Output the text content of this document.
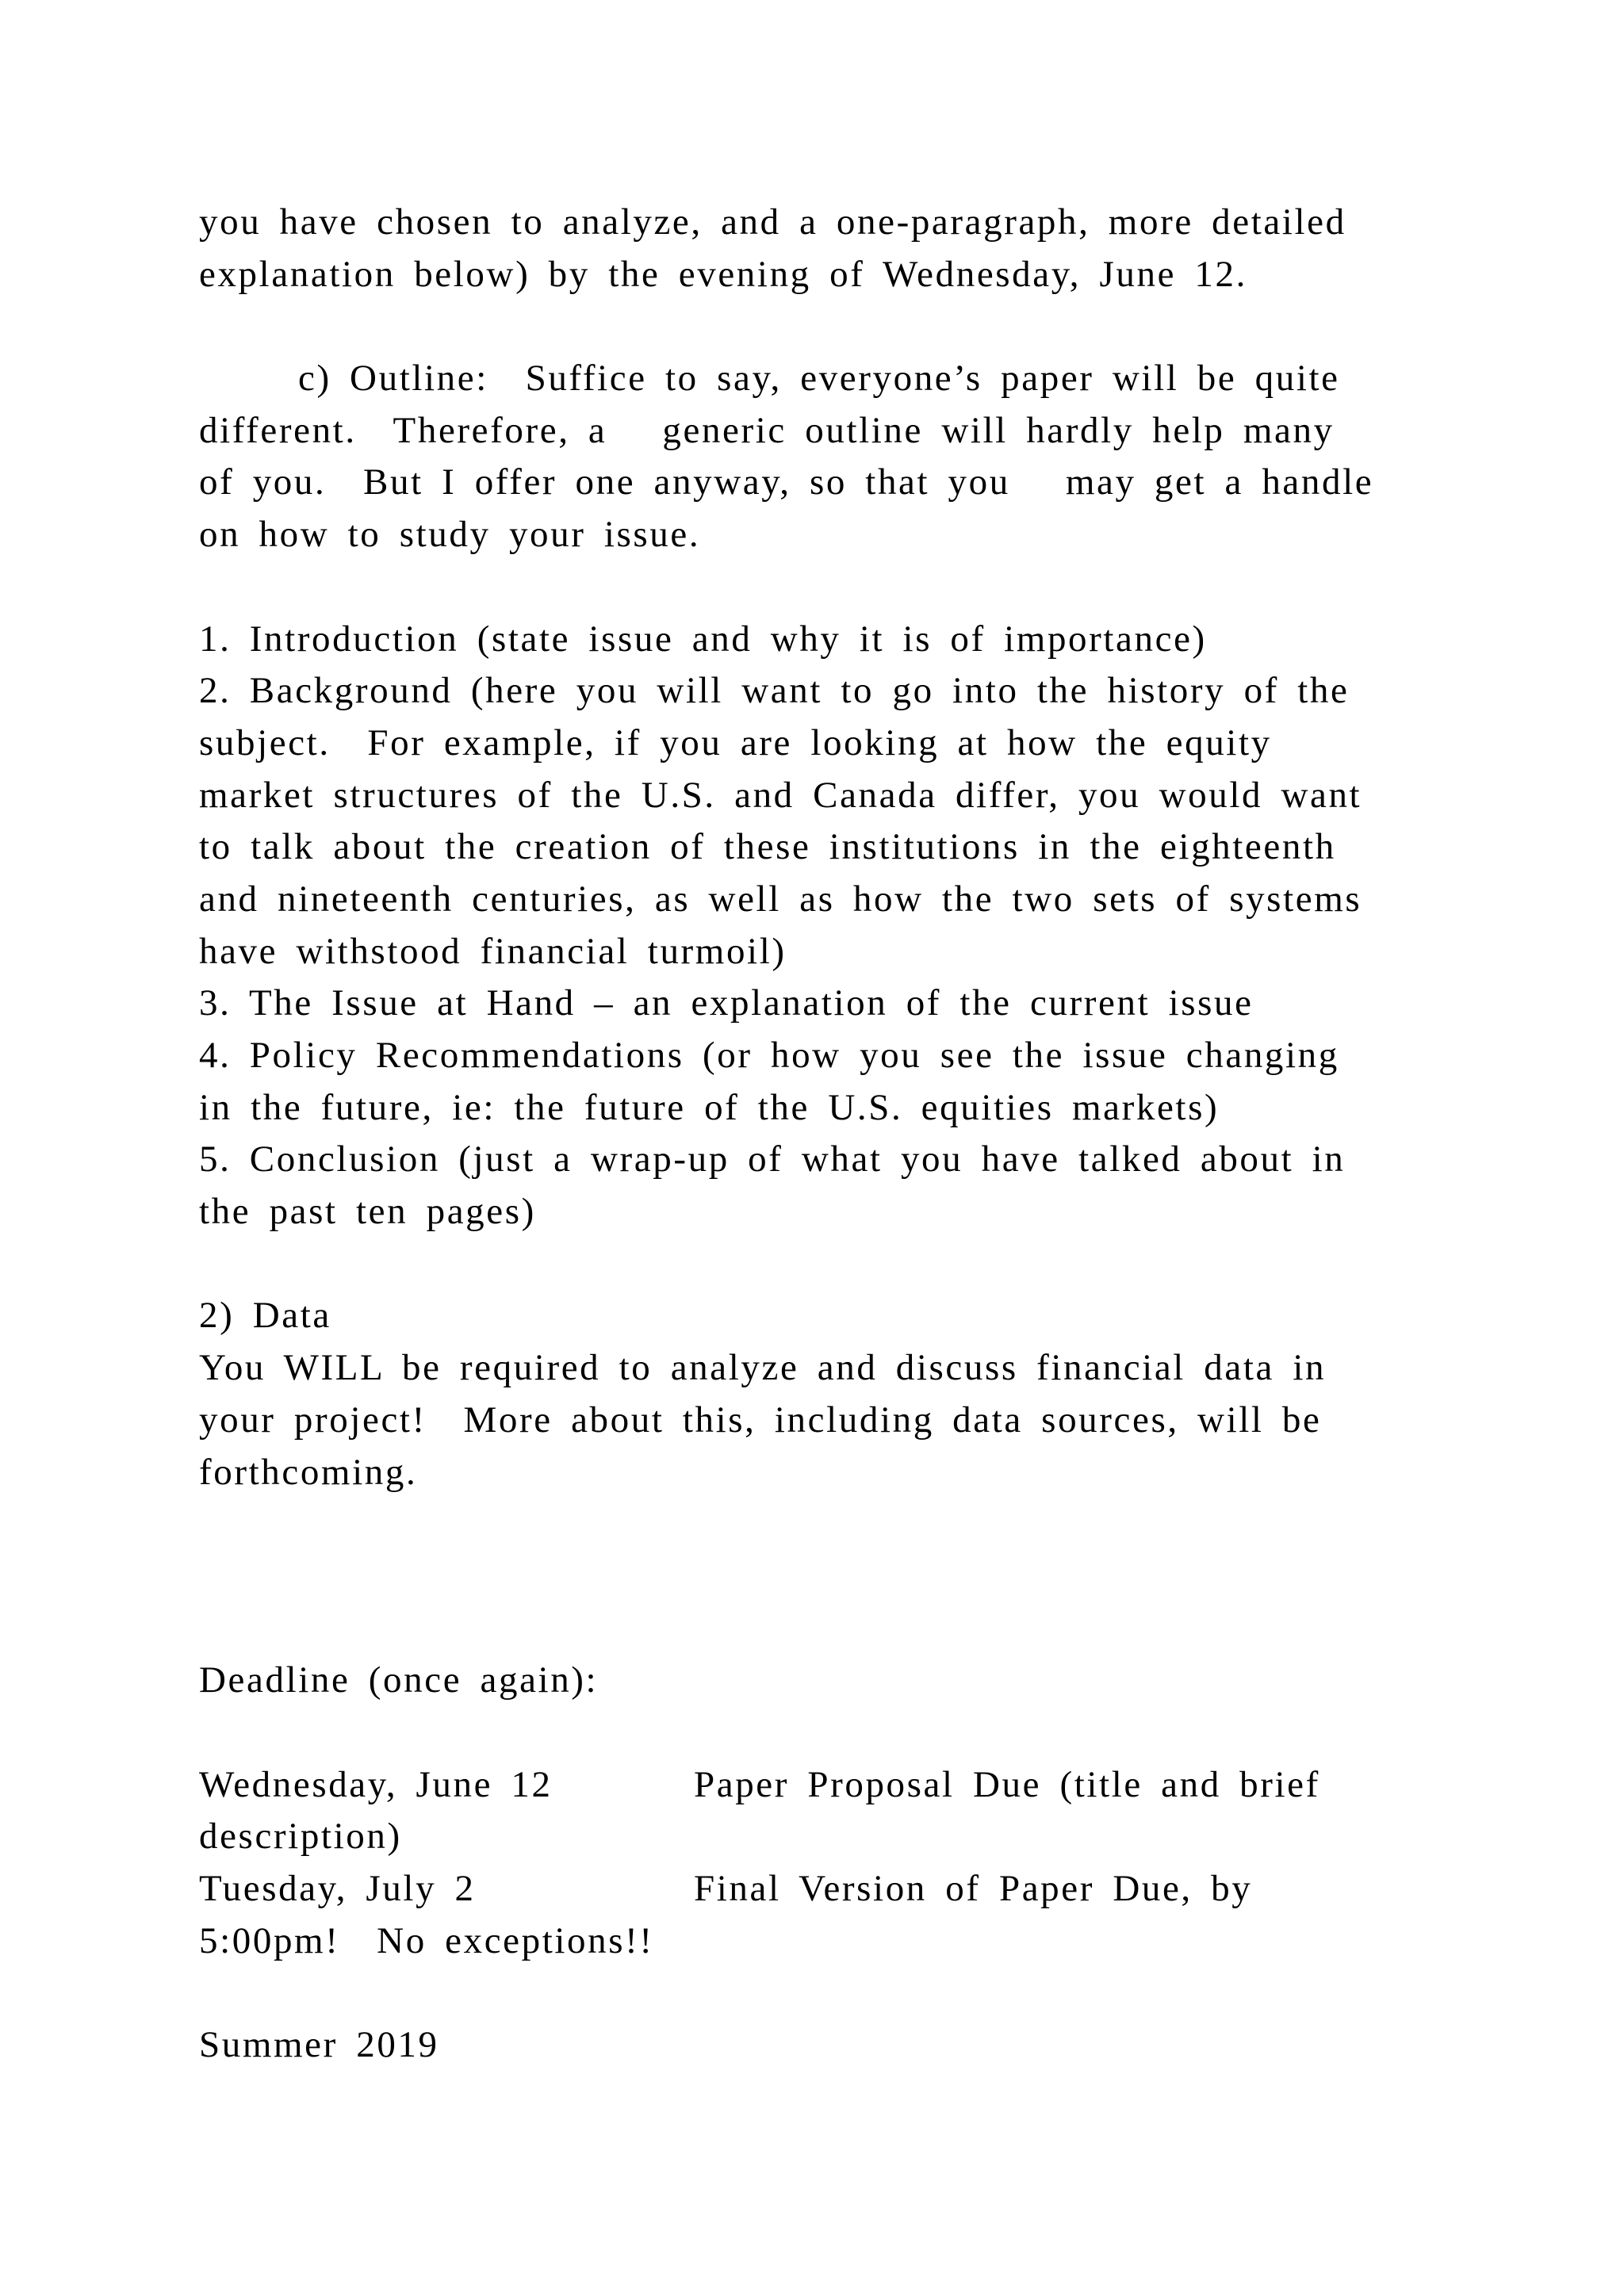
you have chosen to analyze, and a one-paragraph, more detailed
explanation below) by the evening of Wednesday, June 12.
c) Outline:  Suffice to say, everyone’s paper will be quite
different.  Therefore, a   generic outline will hardly help many
of you.  But I offer one anyway, so that you   may get a handle
on how to study your issue.
1. Introduction (state issue and why it is of importance)
2. Background (here you will want to go into the history of the
subject.  For example, if you are looking at how the equity
market structures of the U.S. and Canada differ, you would want
to talk about the creation of these institutions in the eighteenth
and nineteenth centuries, as well as how the two sets of systems
have withstood financial turmoil)
3. The Issue at Hand – an explanation of the current issue
4. Policy Recommendations (or how you see the issue changing
in the future, ie: the future of the U.S. equities markets)
5. Conclusion (just a wrap-up of what you have talked about in
the past ten pages)
2) Data
You WILL be required to analyze and discuss financial data in
your project!  More about this, including data sources, will be
forthcoming.
Deadline (once again):
Wednesday, June 12	Paper Proposal Due (title and brief
description)
Tuesday, July 2	Final Version of Paper Due, by
5:00pm!  No exceptions!!
Summer 2019
